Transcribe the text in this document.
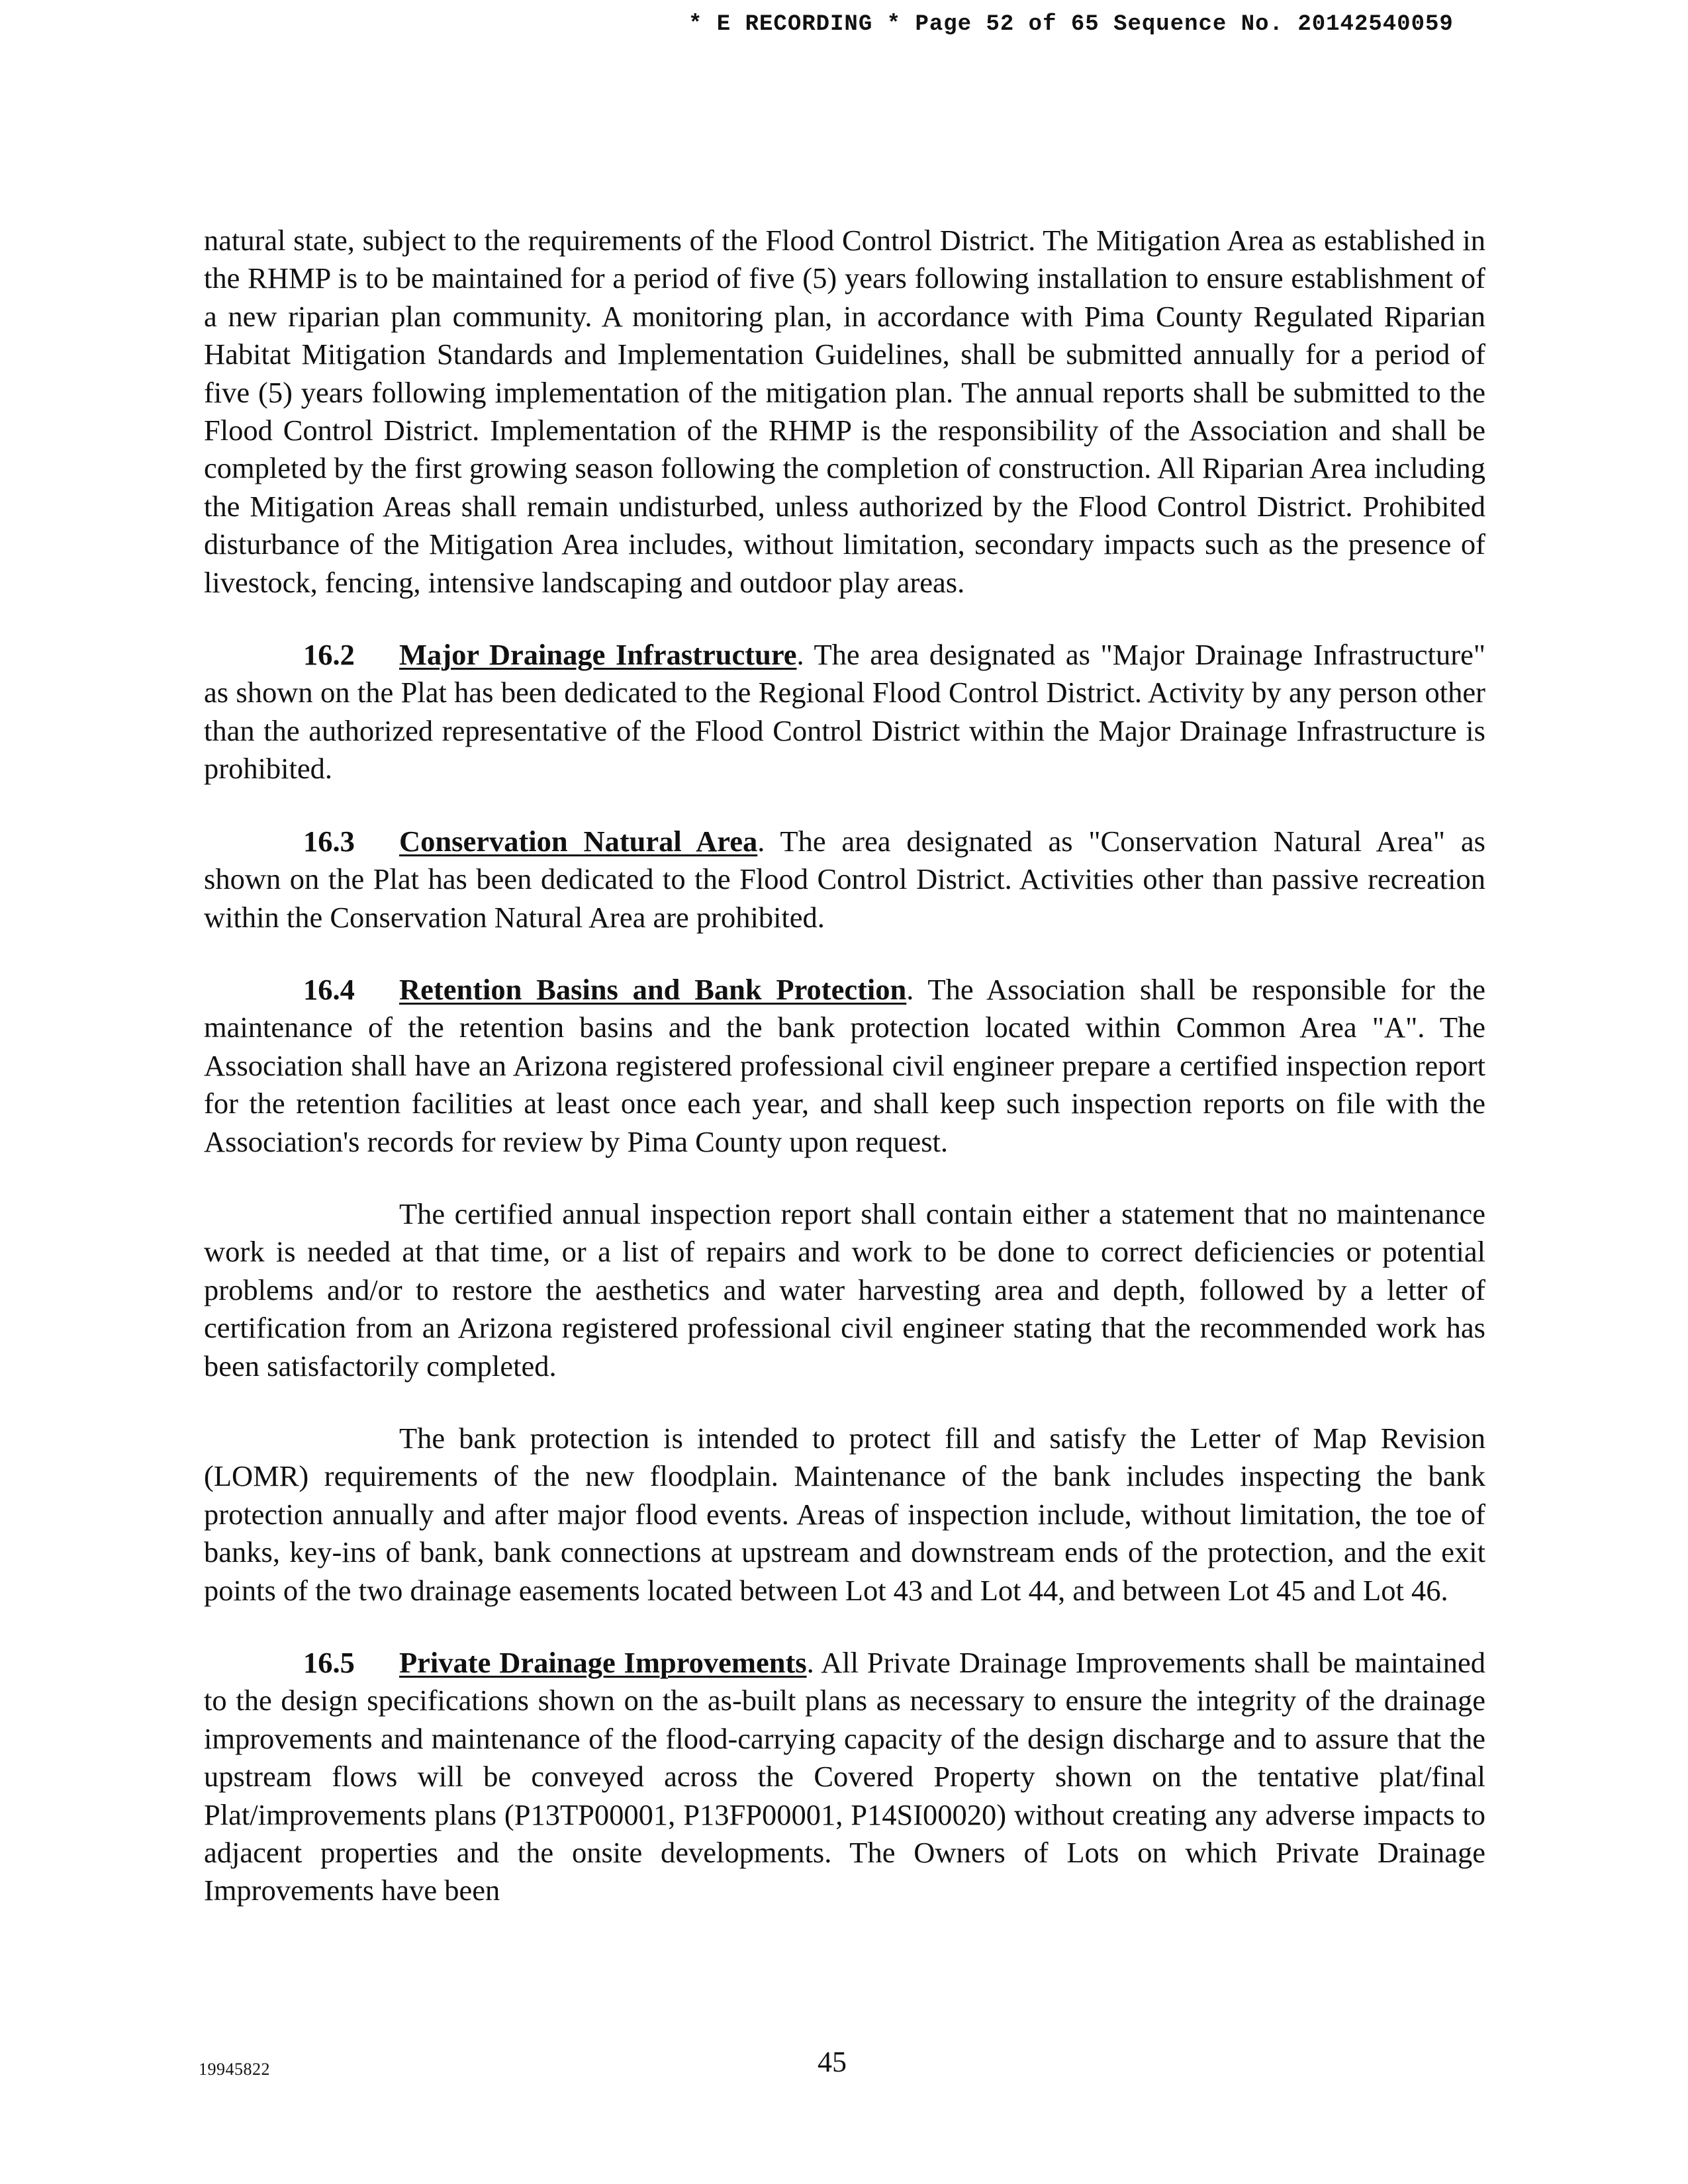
* E RECORDING * Page 52 of 65 Sequence No. 20142540059

natural state, subject to the requirements of the Flood Control District. The Mitigation Area as established in the RHMP is to be maintained for a period of five (5) years following installation to ensure establishment of a new riparian plan community. A monitoring plan, in accordance with Pima County Regulated Riparian Habitat Mitigation Standards and Implementation Guidelines, shall be submitted annually for a period of five (5) years following implementation of the mitigation plan. The annual reports shall be submitted to the Flood Control District. Implementation of the RHMP is the responsibility of the Association and shall be completed by the first growing season following the completion of construction. All Riparian Area including the Mitigation Areas shall remain undisturbed, unless authorized by the Flood Control District. Prohibited disturbance of the Mitigation Area includes, without limitation, secondary impacts such as the presence of livestock, fencing, intensive landscaping and outdoor play areas.

16.2 Major Drainage Infrastructure. The area designated as "Major Drainage Infrastructure" as shown on the Plat has been dedicated to the Regional Flood Control District. Activity by any person other than the authorized representative of the Flood Control District within the Major Drainage Infrastructure is prohibited.

16.3 Conservation Natural Area. The area designated as "Conservation Natural Area" as shown on the Plat has been dedicated to the Flood Control District. Activities other than passive recreation within the Conservation Natural Area are prohibited.

16.4 Retention Basins and Bank Protection. The Association shall be responsible for the maintenance of the retention basins and the bank protection located within Common Area "A". The Association shall have an Arizona registered professional civil engineer prepare a certified inspection report for the retention facilities at least once each year, and shall keep such inspection reports on file with the Association's records for review by Pima County upon request.

The certified annual inspection report shall contain either a statement that no maintenance work is needed at that time, or a list of repairs and work to be done to correct deficiencies or potential problems and/or to restore the aesthetics and water harvesting area and depth, followed by a letter of certification from an Arizona registered professional civil engineer stating that the recommended work has been satisfactorily completed.

The bank protection is intended to protect fill and satisfy the Letter of Map Revision (LOMR) requirements of the new floodplain. Maintenance of the bank includes inspecting the bank protection annually and after major flood events. Areas of inspection include, without limitation, the toe of banks, key-ins of bank, bank connections at upstream and downstream ends of the protection, and the exit points of the two drainage easements located between Lot 43 and Lot 44, and between Lot 45 and Lot 46.

16.5 Private Drainage Improvements. All Private Drainage Improvements shall be maintained to the design specifications shown on the as-built plans as necessary to ensure the integrity of the drainage improvements and maintenance of the flood-carrying capacity of the design discharge and to assure that the upstream flows will be conveyed across the Covered Property shown on the tentative plat/final Plat/improvements plans (P13TP00001, P13FP00001, P14SI00020) without creating any adverse impacts to adjacent properties and the onsite developments. The Owners of Lots on which Private Drainage Improvements have been

19945822	45
